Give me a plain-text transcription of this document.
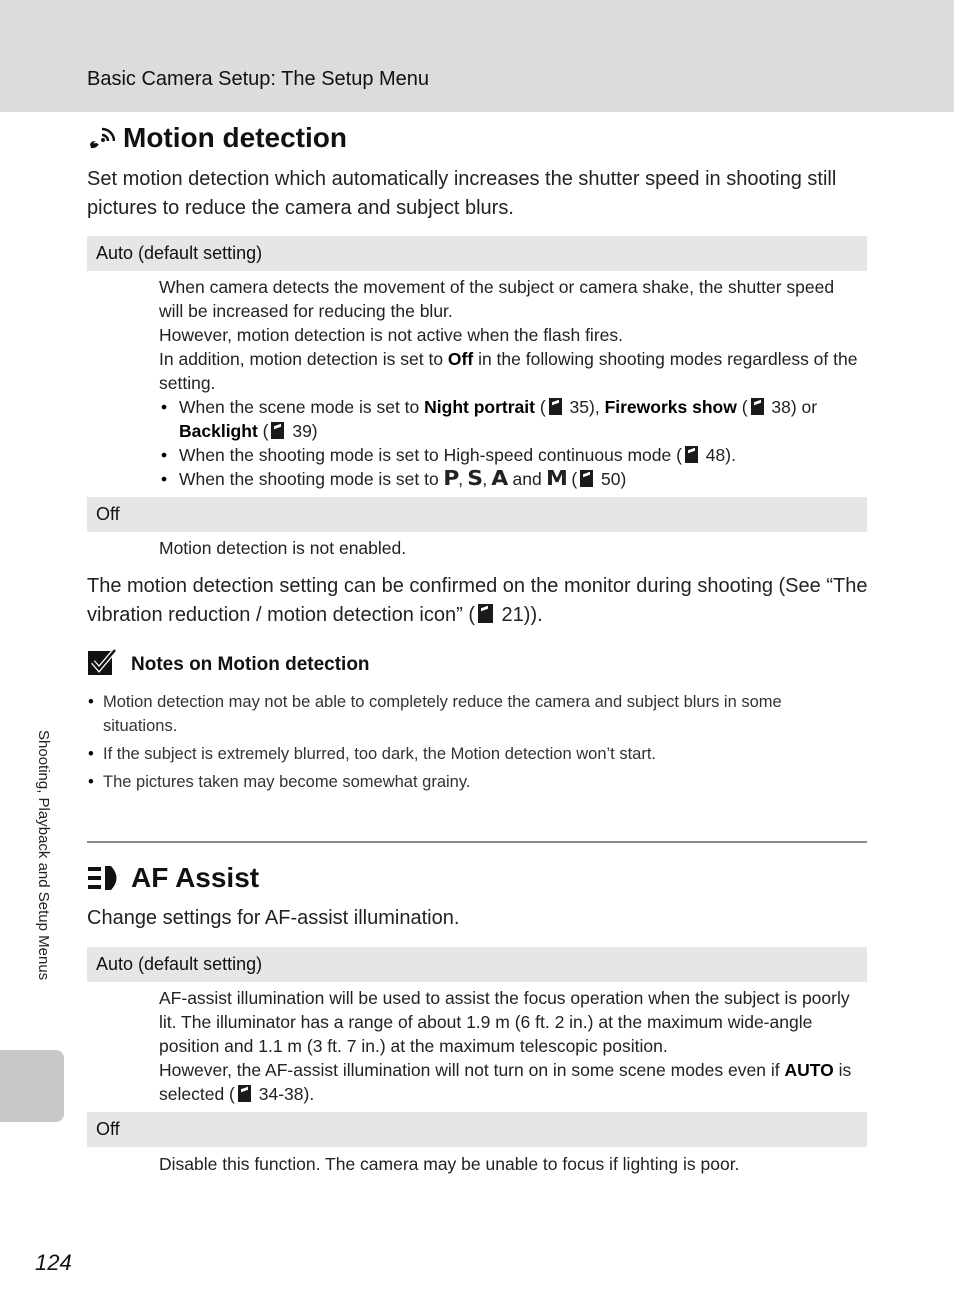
Basic Camera Setup: The Setup Menu
Motion detection
Set motion detection which automatically increases the shutter speed in shooting still pictures to reduce the camera and subject blurs.
Auto (default setting)
When camera detects the movement of the subject or camera shake, the shutter speed will be increased for reducing the blur.
However, motion detection is not active when the flash fires.
In addition, motion detection is set to Off in the following shooting modes regardless of the setting.
• When the scene mode is set to Night portrait ( 35), Fireworks show ( 38) or Backlight ( 39)
• When the shooting mode is set to High-speed continuous mode ( 48).
• When the shooting mode is set to P, S, A and M ( 50)
Off
Motion detection is not enabled.
The motion detection setting can be confirmed on the monitor during shooting (See “The vibration reduction / motion detection icon” ( 21)).
Notes on Motion detection
• Motion detection may not be able to completely reduce the camera and subject blurs in some situations.
• If the subject is extremely blurred, too dark, the Motion detection won’t start.
• The pictures taken may become somewhat grainy.
AF Assist
Change settings for AF-assist illumination.
Auto (default setting)
AF-assist illumination will be used to assist the focus operation when the subject is poorly lit. The illuminator has a range of about 1.9 m (6 ft. 2 in.) at the maximum wide-angle position and 1.1 m (3 ft. 7 in.) at the maximum telescopic position.
However, the AF-assist illumination will not turn on in some scene modes even if AUTO is selected ( 34-38).
Off
Disable this function. The camera may be unable to focus if lighting is poor.
Shooting, Playback and Setup Menus
124
